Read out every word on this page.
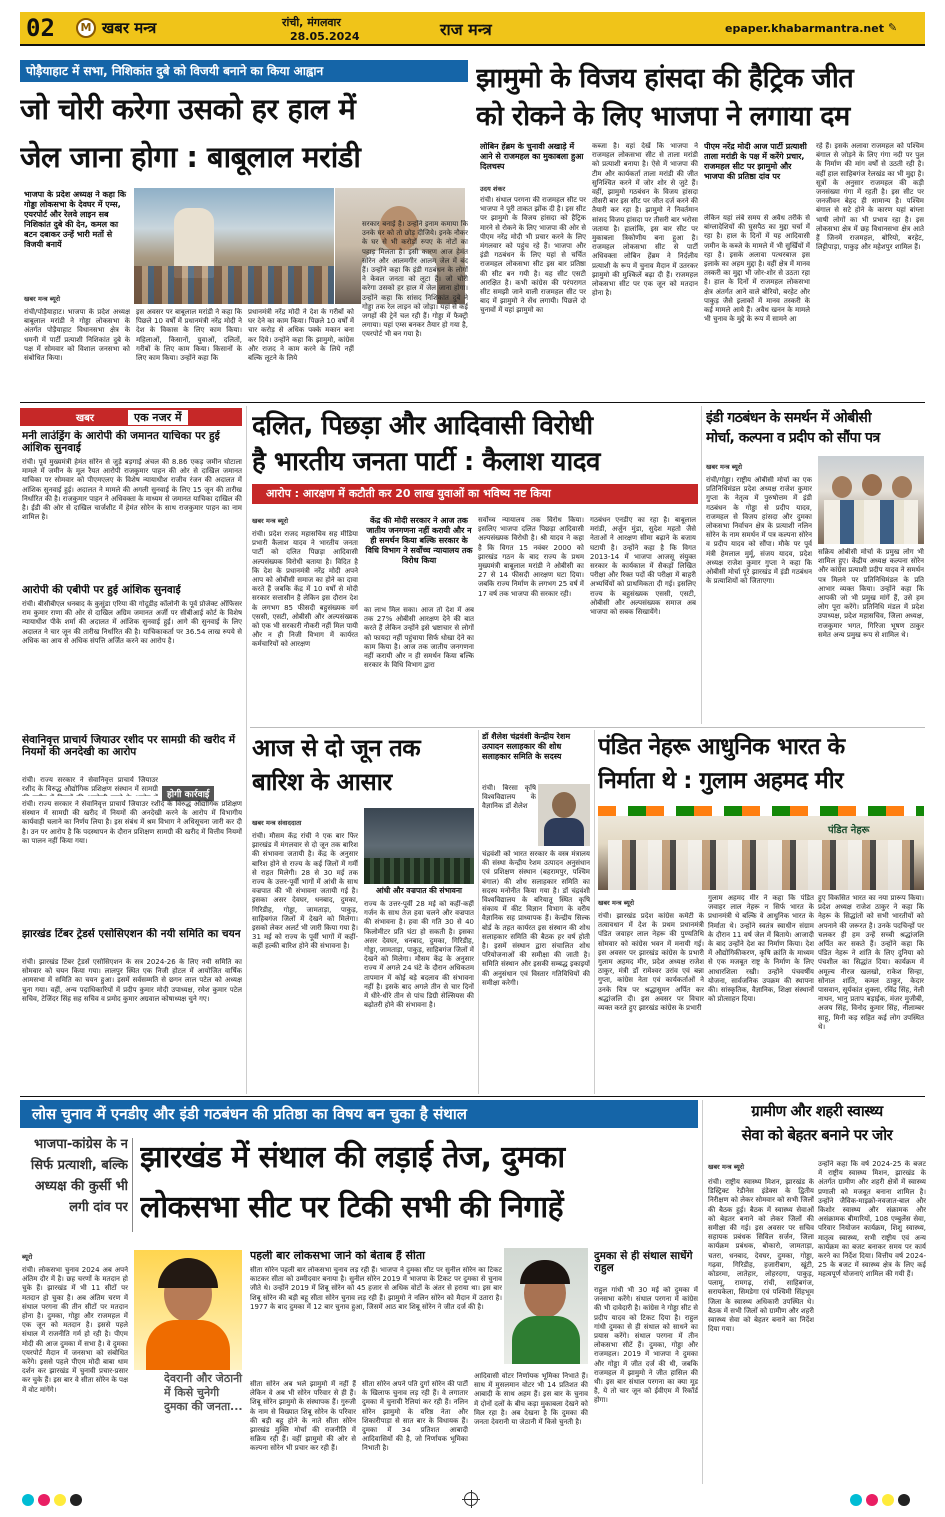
02	M खबर मन्त्र	रांची, मंगलवार
28.05.2024	राज मन्त्र	epaper.khabarmantra.net ✎
पोड़ैयाहाट में सभा, निशिकांत दुबे को विजयी बनाने का किया आह्वान
जो चोरी करेगा उसको हर हाल में
जेल जाना होगा : बाबूलाल मरांडी
भाजपा के प्रदेश अध्यक्ष ने कहा कि गोड्डा लोकसभा के देवघर में एम्स, एयरपोर्ट और रेलवे लाइन सब निशिकांत दुबे की देन, कमल का बटन दबाकर उन्हें भारी मतों से विजयी बनायें
खबर मन्त्र ब्यूरो
रांची/पोड़ैयाहाट। भाजपा के प्रदेश अध्यक्ष बाबूलाल मरांडी ने गोड्डा लोकसभा के अंतर्गत पोड़ैयाहाट विधानसभा क्षेत्र के धमनी में पार्टी प्रत्याशी निशिकांत दुबे के पक्ष में सोमवार को विशाल जनसभा को संबोधित किया।
इस अवसर पर बाबूलाल मरांडी ने कहा कि पिछले 10 वर्षों में प्रधानमंत्री नरेंद्र मोदी ने देश के विकास के लिए काम किया। महिलाओं, किसानों, युवाओं, दलितों, गरीबों के लिए काम किया। किसानों के लिए काम किया। उन्होंने कहा कि
प्रधानमंत्री नरेंद्र मोदी ने देश के गरीबों को घर देने का काम किया। पिछले 10 वर्षों में चार करोड़ से अधिक पक्के मकान बना कर दिये। उन्होंने कहा कि झामुमो, कांग्रेस और राजद ने काम करने के लिये नहीं बल्कि लूटने के लिये
सरकार बनाई है। उन्होंने इनाम कमाया कि उनके घर को तो छोड़ दीजिये। इनके नौकर के घर से भी करोड़ों रुपए के नोटों का पहाड़ मिलता है। इसी कारण आज हेमंत सोरेन और आलमगीर आलम जेल में बंद हैं। उन्होंने कहा कि इंडी गठबंधन के लोगों ने केवल जनता को लूटा है। जो चोरी करेगा उसको हर हाल में जेल जाना होगा। उन्होंने कहा कि सांसद निशिकांत दुबे ने गोड्डा तक रेल लाइन को जोड़ा। यहां से कई जगहों की ट्रेनें चल रही हैं। गोड्डा में फैक्ट्री लगाया। यहां एम्स बनकर तैयार हो गया है, एयरपोर्ट भी बन गया है।
झामुमो के विजय हांसदा की हैट्रिक जीत
को रोकने के लिए भाजपा ने लगाया दम
लोबिन हेंब्रम के चुनावी अखाड़े में आने से राजमहल का मुकाबला हुआ दिलचस्प
उदय शंकर
रांची। संथाल परगना की राजमहल सीट पर भाजपा ने पूरी ताकत झोंक दी है। इस सीट पर झामुमो के विजय हांसदा को हैट्रिक मारने से रोकने के लिए भाजपा की ओर से पीएम नरेंद्र मोदी भी प्रचार करने के लिए मंगलवार को पहुंच रहे हैं। भाजपा और इंडी गठबंधन के लिए यहां से चर्चित राजमहल लोकसभा सीट इस बार प्रतिष्ठा की सीट बन गयी है। यह सीट एसटी आरक्षित है। कभी कांग्रेस की परंपरागत सीट समझी जाने वाली राजमहल सीट पर बाद में झामुमो ने सेंध लगायी। पिछले दो चुनावों में यहां झामुमो का
कब्जा है। वहां देखें कि भाजपा ने राजमहल लोकसभा सीट से ताला मरांडी को प्रत्याशी बनाया है। ऐसे में भाजपा की टीम और कार्यकर्ता ताला मरांडी की जीत सुनिश्चित करने में जोर शोर से जुटे हैं। वहीं, झामुमो गठबंधन के विजय हांसदा तीसरी बार इस सीट पर जीत दर्ज करने की तैयारी कर रहा है। झामुमो ने निवर्तमान सांसद विजय हांसदा पर तीसरी बार भरोसा जताया है। हालांकि, इस बार सीट पर मुकाबला त्रिकोणीय बना हुआ है। राजमहल लोकसभा सीट से पार्टी अधिवक्ता लोबिन हेंब्रम ने निर्दलीय प्रत्याशी के रूप में चुनाव मैदान में उतरकर झामुमो की मुश्किलें बढ़ा दी हैं। राजमहल लोकसभा सीट पर एक जून को मतदान होना है।
पीएम नरेंद्र मोदी आज पार्टी प्रत्याशी ताला मरांडी के पक्ष में करेंगे प्रचार, राजमहल सीट पर झामुमो और भाजपा की प्रतिष्ठा दांव पर
लेकिन यहां लंबे समय से अवैध तरीके से बांग्लादेशियों की घुसपैठ का मुद्दा चर्चा में रहा है। हाल के दिनों में यह आदिवासी जमीन के कब्जे के मामले में भी सुर्खियों में रहा है। इसके अलावा पत्थरबाज इस इलाके का अहम मुद्दा है। वहीं क्षेत्र में मानव तस्करी का मुद्दा भी जोर-शोर से उठता रहा है। हाल के दिनों में राजमहल लोकसभा क्षेत्र अंतर्गत आने वाले बोरियो, बरहेट और पाकुड़ जैसे इलाकों में मानव तस्करी के कई मामले आये हैं। अवैध खनन के मामले भी चुनाव के मुद्दे के रूप में सामने आ
रहे हैं। इसके अलावा राजमहल को पश्चिम बंगाल से जोड़ने के लिए गंगा नदी पर पुल के निर्माण की मांग वर्षों से उठती रही है। वहीं हाल साहिबगंज रेलखंड का भी मुद्दा है। सूत्रों के अनुसार राजमहल की कड़ी जनसंख्या गंगा में रहती है। इस सीट पर जनजीवन बेहद ही सामान्य है। पश्चिम बंगाल से सटे होने के कारण यहां बांग्ला भाषी लोगों का भी प्रभाव रहा है। इस लोकसभा क्षेत्र में छह विधानसभा क्षेत्र आते हैं जिनमें राजमहल, बोरियो, बरहेट, लिट्टीपाड़ा, पाकुड़ और महेशपुर शामिल हैं।
खबर	एक नजर में
मनी लाउंड्रिंग के आरोपी की जमानत याचिका पर हुई आंशिक सुनवाई
रांची। पूर्व मुख्यमंत्री हेमंत सोरेन से जुड़े बड़गाईं अंचल की 8.86 एकड़ जमीन घोटाला मामले में जमीन के मूल रैयत आरोपी राजकुमार पाहन की ओर से दाखिल जमानत याचिका पर सोमवार को पीएमएलए के विशेष न्यायाधीश राजीव रंजन की अदालत में आंशिक सुनवाई हुई। अदालत ने मामले की अगली सुनवाई के लिए 15 जून की तारीख निर्धारित की है। राजकुमार पाहन ने अधिवक्ता के माध्यम से जमानत याचिका दाखिल की है। ईडी की ओर से दाखिल चार्जशीट में हेमंत सोरेन के साथ राजकुमार पाहन का नाम शामिल है।
आरोपी की एबीपी पर हुई आंशिक सुनवाई
रांची। बीसीबीएल धनबाद के कुसुंडा एरिया की गोदूडीह कॉलोनी के पूर्व प्रोजेक्ट ऑफिसर राम कुमार राणा की ओर से दाखिल अग्रिम जमानत अर्जी पर सीबीआई कोर्ट के विशेष न्यायाधीश पीके शर्मा की अदालत में आंशिक सुनवाई हुई। आगे की सुनवाई के लिए अदालत ने चार जून की तारीख निर्धारित की है। याचिकाकर्ता पर 36.54 लाख रुपये से अधिक का आय से अधिक संपत्ति अर्जित करने का आरोप है।
सेवानिवृत्त प्राचार्य जियाउर रशीद पर सामग्री की खरीद में नियमों की अनदेखी का आरोप
होगी कार्रवाई
रांची। राज्य सरकार ने सेवानिवृत्त प्राचार्य जियाउर रशीद के विरुद्ध औद्योगिक प्रशिक्षण संस्थान में सामग्री
रांची। राज्य सरकार ने सेवानिवृत्त प्राचार्य जियाउर रशीद के विरुद्ध औद्योगिक प्रशिक्षण संस्थान में सामग्री की खरीद में नियमों की अनदेखी करने के आरोप में विभागीय कार्यवाही चलाने का निर्णय लिया है। इस संबंध में श्रम विभाग ने अधिसूचना जारी कर दी है। उन पर आरोप है कि पदस्थापन के दौरान प्रशिक्षण सामग्री की खरीद में वित्तीय नियमों का पालन नहीं किया गया।
झारखंड टिंबर ट्रेडर्स एसोसिएशन की नयी समिति का चयन
रांची। झारखंड टिंबर ट्रेडर्स एसोसिएशन के सत्र 2024-26 के लिए नयी समिति का सोमवार को चयन किया गया। लालपुर स्थित एक निजी होटल में आयोजित वार्षिक आमसभा में समिति का चयन हुआ। इसमें सर्वसम्मति से छगन लाल पटेल को अध्यक्ष चुना गया। वहीं, अन्य पदाधिकारियों में प्रदीप कुमार मोदी उपाध्यक्ष, रमेश कुमार पटेल सचिव, टेजिंदर सिंह सह सचिव व प्रमोद कुमार अग्रवाल कोषाध्यक्ष चुने गए।
दलित, पिछड़ा और आदिवासी विरोधी
है भारतीय जनता पार्टी : कैलाश यादव
आरोप : आरक्षण में कटौती कर 20 लाख युवाओं का भविष्य नष्ट किया
खबर मन्त्र ब्यूरो
रांची। प्रदेश राजद महासचिव सह मीडिया प्रभारी कैलाश यादव ने भारतीय जनता पार्टी को दलित पिछड़ा आदिवासी अल्पसंख्यक विरोधी बताया है। विदित है कि देश के प्रधानमंत्री नरेंद्र मोदी अपने आप को ओबीसी समाज का होने का दावा करते हैं जबकि केंद्र में 10 वर्षों से मोदी सरकार सत्तासीन है लेकिन इस दौरान देश के लगभग 85 फीसदी बहुसंख्यक वर्ग एससी, एसटी, ओबीसी और अल्पसंख्यक को एक भी सरकारी नौकरी नहीं मिल पायी और न ही निजी विभाग में कार्यरत कर्मचारियों को आरक्षण
केंद्र की मोदी सरकार ने आज तक जातीय जनगणना नहीं करायी और न ही समर्थन किया बल्कि सरकार के विधि विभाग ने सर्वोच्च न्यायालय तक विरोध किया
का लाभ मिल सका। आज तो देश में अब तक 27% ओबीसी आरक्षण देने की बात करते हैं लेकिन उन्होंने इसे भ्रष्टाचार से लोगों को फायदा नहीं पहुंचाया सिर्फ धोखा देने का काम किया है। आज तक जातीय जनगणना नहीं करायी और न ही समर्थन किया बल्कि सरकार के विधि विभाग द्वारा
सर्वोच्च न्यायालय तक विरोध किया। इसलिए भाजपा दलित पिछड़ा आदिवासी अल्पसंख्यक विरोधी है। श्री यादव ने कहा है कि विगत 15 नवंबर 2000 को झारखंड गठन के बाद राज्य के प्रथम मुख्यमंत्री बाबूलाल मरांडी ने ओबीसी का 27 से 14 फीसदी आरक्षण घटा दिया। जबकि राज्य निर्माण के लगभग 25 वर्ष में 17 वर्ष तक भाजपा की सरकार रही।
गठबंधन एनडीए का रहा है। बाबूलाल मरांडी, अर्जुन मुंडा, सुदेश महतो जैसे नेताओं ने आरक्षण सीमा बढ़ाने के बजाय घटायी है। उन्होंने कहा है कि विगत 2013-14 में भाजपा आजसू संयुक्त सरकार के कार्यकाल में सैकड़ों लिखित परीक्षा और रिक्त पदों की परीक्षा में बाहरी अभ्यर्थियों को प्राथमिकता दी गई। इसलिए राज्य के बहुसंख्यक एससी, एसटी, ओबीसी और अल्पसंख्यक समाज अब भाजपा को सबक सिखायेंगे।
इंडी गठबंधन के समर्थन में ओबीसी
मोर्चा, कल्पना व प्रदीप को सौंपा पत्र
खबर मन्त्र ब्यूरो
रांची/गोड्डा। राष्ट्रीय ओबीसी मोर्चा का एक प्रतिनिधिमंडल प्रदेश अध्यक्ष राजेश कुमार गुप्ता के नेतृत्व में पुरुषोत्तम में इंडी गठबंधन के गोड्डा से प्रदीप यादव, राजमहल से विजय हांसदा और दुमका लोकसभा निर्वाचन क्षेत्र के प्रत्याशी नलिन सोरेन के नाम समर्थन में पत्र कल्पना सोरेन व प्रदीप यादव को सौंपा। मौके पर पूर्व मंत्री हेमलाल मुर्मू, संजय यादव, प्रदेश अध्यक्ष राजेश कुमार गुप्ता ने कहा कि ओबीसी मोर्चा पूरे झारखंड में इंडी गठबंधन के प्रत्याशियों को जिताएगा।
सक्रिय ओबीसी मोर्चा के प्रमुख लोग भी शामिल हुए। केंद्रीय अध्यक्ष कल्पना सोरेन और कांग्रेस प्रत्याशी प्रदीप यादव ने समर्थन पत्र मिलने पर प्रतिनिधिमंडल के प्रति आभार व्यक्त किया। उन्होंने कहा कि आपकी जो भी प्रमुख मांगें हैं, उसे हम लोग पूरा करेंगे। प्रतिनिधि मंडल में प्रदेश उपाध्यक्ष, प्रदेश महासचिव, जिला अध्यक्ष, राजकुमार भगत, गिरिजा भूषण ठाकुर समेत अन्य प्रमुख रूप से शामिल थे।
आज से दो जून तक
बारिश के आसार
खबर मन्त्र संवाददाता
रांची। मौसम केंद्र रांची ने एक बार फिर झारखंड में मंगलवार से दो जून तक बारिश की संभावना जतायी है। केंद्र के अनुसार बारिश होने से राज्य के कई जिलों में गर्मी से राहत मिलेगी। 28 से 30 मई तक राज्य के उत्तर-पूर्वी भागों में आंधी के साथ वज्रपात की भी संभावना जतायी गई है। इसका असर देवघर, धनबाद, दुमका, गिरिडीह, गोड्डा, जामताड़ा, पाकुड़, साहिबगंज जिलों में देखने को मिलेगा। इसको लेकर अलर्ट भी जारी किया गया है। 31 मई को राज्य के पूर्वी भागों में कहीं-कहीं हल्की बारिश होने की संभावना है।
आंधी और वज्रपात की संभावना
राज्य के उत्तर-पूर्वी 28 मई को कहीं-कहीं गर्जन के साथ तेज हवा चलने और वज्रपात की संभावना है। हवा की गति 30 से 40 किलोमीटर प्रति घंटा हो सकती है। इसका असर देवघर, धनबाद, दुमका, गिरिडीह, गोड्डा, जामताड़ा, पाकुड़, साहिबगंज जिलों में देखने को मिलेगा। मौसम केंद्र के अनुसार राज्य में अगले 24 घंटे के दौरान अधिकतम तापमान में कोई बड़े बदलाव की संभावना नहीं है। इसके बाद अगले तीन से चार दिनों में धीरे-धीरे तीन से पांच डिग्री सेल्सियस की बढ़ोतरी होने की संभावना है।
डॉ शैलेश चंद्रवंशी केन्द्रीय रेशम उत्पादन सलाहकार की शोध सलाहकार समिति के सदस्य
रांची। बिरसा कृषि विश्वविद्यालय के वैज्ञानिक डॉ शैलेश
चंद्रवंशी को भारत सरकार के वस्त्र मंत्रालय की संस्था केन्द्रीय रेशम उत्पादन अनुसंधान एवं प्रशिक्षण संस्थान (बहरामपुर, पश्चिम बंगाल) की शोध सलाहकार समिति का सदस्य मनोनीत किया गया है। डॉ चंद्रवंशी विश्वविद्यालय के बरियातू स्थित कृषि संकाय में कीट विज्ञान विभाग के वरीय वैज्ञानिक सह प्राध्यापक हैं। केन्द्रीय सिल्क बोर्ड के तहत कार्यरत इस संस्थान की शोध सलाहकार समिति की बैठक हर वर्ष होती है। इसमें संस्थान द्वारा संचालित शोध परियोजनाओं की समीक्षा की जाती है। समिति संस्थान और इसकी सम्बद्ध इकाइयों की अनुसंधान एवं विस्तार गतिविधियों की समीक्षा करेगी।
पंडित नेहरू आधुनिक भारत के
निर्माता थे : गुलाम अहमद मीर
पंडित नेहरू
खबर मन्त्र ब्यूरो
रांची। झारखंड प्रदेश कांग्रेस कमेटी के तत्वावधान में देश के प्रथम प्रधानमंत्री पंडित जवाहर लाल नेहरू की पुण्यतिथि सोमवार को कांग्रेस भवन में मनायी गई। इस अवसर पर झारखंड कांग्रेस के प्रभारी गुलाम अहमद मीर, प्रदेश अध्यक्ष राजेश ठाकुर, मंत्री डॉ रामेश्वर उरांव एवं बन्ना गुप्ता, कांग्रेस नेता एवं कार्यकर्ताओं ने उनके चित्र पर श्रद्धासुमन अर्पित कर श्रद्धांजलि दी। इस अवसर पर विचार व्यक्त करते हुए झारखंड कांग्रेस के प्रभारी
गुलाम अहमद मीर ने कहा कि पंडित जवाहर लाल नेहरू न सिर्फ भारत के प्रधानमंत्री थे बल्कि वे आधुनिक भारत के निर्माता थे। उन्होंने स्वतंत्र स्वाधीन संग्राम के दौरान 11 वर्ष जेल में बिताये। आजादी के बाद उन्होंने देश का निर्माण किया। देश में औद्योगिकीकरण, कृषि क्रांति के माध्यम से एक मजबूत राष्ट्र के निर्माण के लिए आधारशिला रखी। उन्होंने पंचवर्षीय योजना, सार्वजनिक उपक्रम की स्थापना की। सांस्कृतिक, वैज्ञानिक, शिक्षा संस्थानों को प्रोत्साहन दिया।
हुए विकसित भारत का नया प्रारूप किया। प्रदेश अध्यक्ष राजेश ठाकुर ने कहा कि नेहरू के सिद्धांतों को सभी भारतीयों को अपनाने की जरूरत है। उनके पदचिन्हों पर चलकर ही हम उन्हें सच्ची श्रद्धांजलि अर्पित कर सकते हैं। उन्होंने कहा कि पंडित नेहरू ने शांति के लिए दुनिया को पंचशील का सिद्धांत दिया। कार्यक्रम में अमूल्य नीरज खलखो, राकेश सिन्हा, सोनाल शांति, कमल ठाकुर, केदार पासवान, सूर्यकांत शुक्ला, रविंद्र सिंह, नेली नाथन, भानु प्रताप बड़ाईक, मंजर मुजीबी, अजय सिंह, विनोद कुमार सिंह, नीलाम्बर साहू, मिनी कड़ सहित कई लोग उपस्थित थे।
लोस चुनाव में एनडीए और इंडी गठबंधन की प्रतिष्ठा का विषय बन चुका है संथाल
भाजपा-कांग्रेस के न सिर्फ प्रत्याशी, बल्कि अध्यक्ष की कुर्सी भी लगी दांव पर
झारखंड में संथाल की लड़ाई तेज, दुमका
लोकसभा सीट पर टिकी सभी की निगाहें
ब्यूरो
रांची। लोकसभा चुनाव 2024 अब अपने अंतिम दौर में है। छह चरणों के मतदान हो चुके हैं। झारखंड में भी 11 सीटों पर मतदान हो चुका है। अब अंतिम चरण में संथाल परगना की तीन सीटों पर मतदान होना है। दुमका, गोड्डा और राजमहल में एक जून को मतदान है। इससे पहले संथाल में राजनीति गर्म हो रही है। पीएम मोदी की आज दुमका में सभा है। वे दुमका एयरपोर्ट मैदान में जनसभा को संबोधित करेंगे। इससे पहले पीएम मोदी बाबा धाम दर्शन कर झारखंड में चुनावी प्रचार-प्रसार कर चुके हैं। इस बार वे सीता सोरेन के पक्ष में वोट मांगेंगे।
देवरानी और जेठानी में किसे चुनेगी दुमका की जनता...
पहली बार लोकसभा जाने को बेताब हैं सीता
सीता सोरेन पहली बार लोकसभा चुनाव लड़ रही हैं। भाजपा ने दुमका सीट पर सुनील सोरेन का टिकट काटकर सीता को उम्मीदवार बनाया है। सुनील सोरेन 2019 में भाजपा के टिकट पर दुमका से चुनाव जीते थे। उन्होंने 2019 में शिबू सोरेन को 45 हजार से अधिक वोटों के अंतर से हराया था। इस बार शिबू सोरेन की बड़ी बहू सीता सोरेन चुनाव लड़ रही हैं। झामुमो ने नलिन सोरेन को मैदान में उतारा है। 1977 के बाद दुमका में 12 बार चुनाव हुआ, जिसमें आठ बार शिबू सोरेन ने जीत दर्ज की है।
सीता सोरेन अब भले झामुमो में नहीं हैं लेकिन वे अब भी सोरेन परिवार से ही हैं। शिबू सोरेन झामुमो के संस्थापक हैं। गुरुजी के नाम से विख्यात शिबू सोरेन के परिवार की बड़ी बहू होने के नाते सीता सोरेन झारखंड मुक्ति मोर्चा की राजनीति में सक्रिय रही हैं। वहीं झामुमो की ओर से कल्पना सोरेन भी प्रचार कर रही हैं।
सीता सोरेन अपने पति दुर्गा सोरेन की पार्टी के खिलाफ चुनाव लड़ रही हैं। वे लगातार दुमका में चुनावी रैलियां कर रही हैं। नलिन सोरेन झामुमो के वरिष्ठ नेता और शिकारीपाड़ा से सात बार के विधायक हैं। दुमका में 34 प्रतिशत आबादी आदिवासियों की है, जो निर्णायक भूमिका निभाती है।
आदिवासी वोटर निर्णायक भूमिका निभाते हैं। साथ में मुसलमान वोटर भी 14 प्रतिशत की आबादी के साथ अहम हैं। इस बार के चुनाव में दोनों दलों के बीच कड़ा मुकाबला देखने को मिल रहा है। अब देखना है कि दुमका की जनता देवरानी या जेठानी में किसे चुनती है।
दुमका से ही संथाल साधेंगे राहुल
राहुल गांधी भी 30 मई को दुमका में जनसभा करेंगे। संथाल परगना में कांग्रेस की भी दावेदारी है। कांग्रेस ने गोड्डा सीट से प्रदीप यादव को टिकट दिया है। राहुल गांधी दुमका से ही संथाल को साधने का प्रयास करेंगे। संथाल परगना में तीन लोकसभा सीटें हैं। दुमका, गोड्डा और राजमहल। 2019 में भाजपा ने दुमका और गोड्डा में जीत दर्ज की थी, जबकि राजमहल में झामुमो ने जीत हासिल की थी। इस बार संथाल परगना का क्या मूड है, ये तो चार जून को ईवीएम में रिकॉर्ड होगा।
ग्रामीण और शहरी स्वास्थ्य
सेवा को बेहतर बनाने पर जोर
खबर मन्त्र ब्यूरो
रांची। राष्ट्रीय स्वास्थ्य मिशन, झारखंड के डिस्ट्रिक्ट रेडीनेस इंडेक्स के द्वितीय निरीक्षण को लेकर सोमवार को सभी जिलों की बैठक हुई। बैठक में स्वास्थ्य सेवाओं को बेहतर बनाने को लेकर जिलों की समीक्षा की गई। इस अवसर पर सचिव सहायक प्रबंधक सिविल सर्जन, जिला कार्यक्रम प्रबंधक, बोकारो, जामताड़ा, चतरा, धनबाद, देवघर, दुमका, गोड्डा, गढ़वा, गिरिडीह, हजारीबाग, खूंटी, कोडरमा, लातेहार, लोहरदगा, पाकुड़, पलामू, रामगढ़, रांची, साहिबगंज, सरायकेला, सिमडेगा एवं पश्चिमी सिंहभूम जिला के स्वास्थ्य अधिकारी उपस्थित थे। बैठक में सभी जिलों को ग्रामीण और शहरी स्वास्थ्य सेवा को बेहतर बनाने का निर्देश दिया गया।
उन्होंने कहा कि वर्ष 2024-25 के बजट में राष्ट्रीय स्वास्थ्य मिशन, झारखंड के अंतर्गत ग्रामीण और शहरी क्षेत्रों में स्वास्थ्य प्रणाली को मजबूत बनाना शामिल है। उन्होंने जैविक-माइक्रो-नवजात-बाल और किशोर स्वास्थ्य और संक्रामक और असंक्रामक बीमारियों, 108 एम्बुलेंस सेवा, परिवार नियोजन कार्यक्रम, शिशु स्वास्थ्य, मातृत्व स्वास्थ्य, सभी राष्ट्रीय एवं अन्य कार्यक्रम का बजट बनाकर समय पर कार्य करने का निर्देश दिया। वित्तीय वर्ष 2024-25 के बजट में स्वास्थ्य क्षेत्र के लिए कई महत्वपूर्ण योजनाएं शामिल की गयी हैं।
